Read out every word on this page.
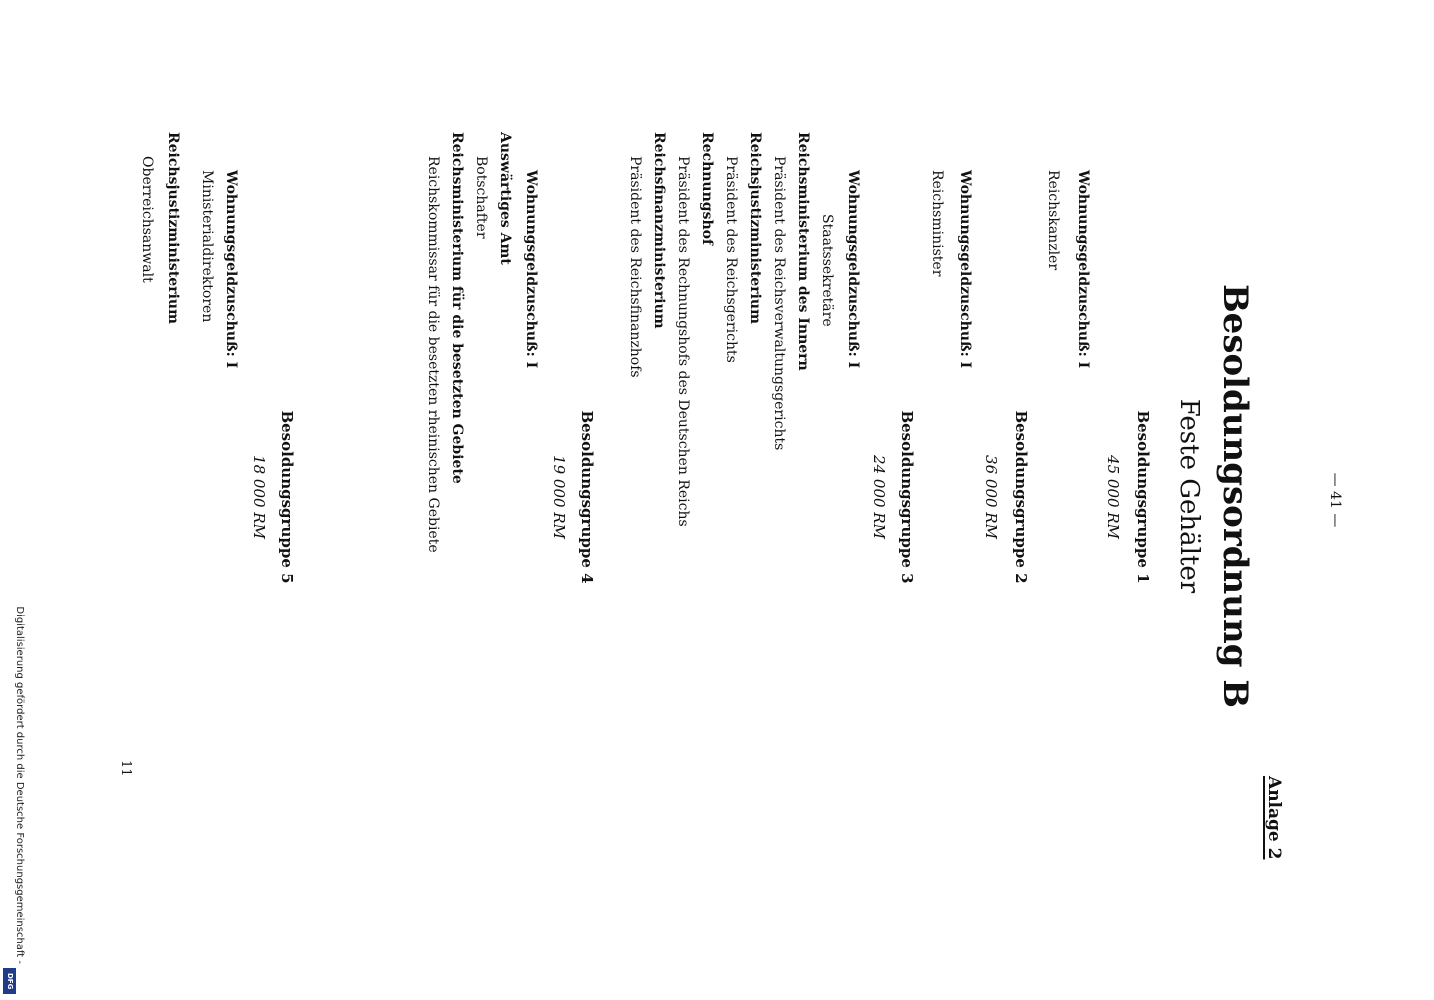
— 41 —
Anlage 2
Besoldungsordnung B
Feste Gehälter
Besoldungsgruppe 1
45 000 RM
Wohnungsgeldzuschuß: I
Reichskanzler
Besoldungsgruppe 2
36 000 RM
Wohnungsgeldzuschuß: I
Reichsminister
Besoldungsgruppe 3
24 000 RM
Wohnungsgeldzuschuß: I
Staatssekretäre
Reichsministerium des Innern
Präsident des Reichsverwaltungsgerichts
Reichsjustizministerium
Präsident des Reichsgerichts
Rechnungshof
Präsident des Rechnungshofs des Deutschen Reichs
Reichsfinanzministerium
Präsident des Reichsfinanzhofs
Besoldungsgruppe 4
19 000 RM
Wohnungsgeldzuschuß: I
Auswärtiges Amt
Botschafter
Reichsministerium für die besetzten Gebiete
Reichskommissar für die besetzten rheinischen Gebiete
Besoldungsgruppe 5
18 000 RM
Wohnungsgeldzuschuß: I
Ministerialdirektoren
Reichsjustizministerium
Oberreichsanwalt
11
Digitalisierung gefördert durch die Deutsche Forschungsgemeinschaft -
DFG
